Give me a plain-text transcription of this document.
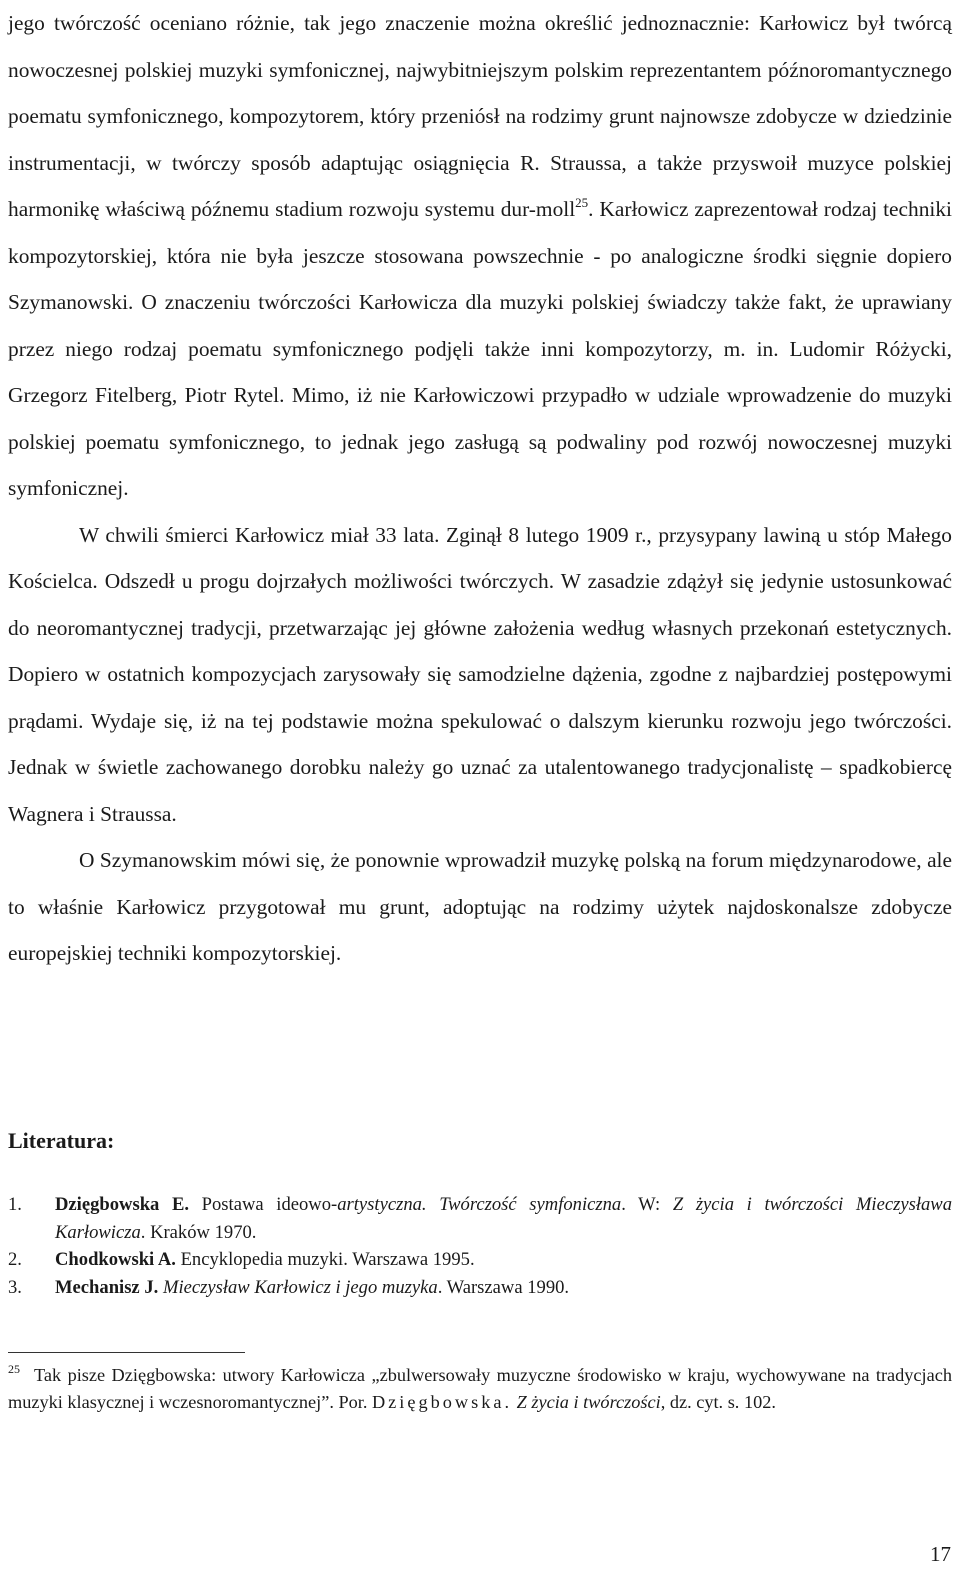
jego twórczość oceniano różnie, tak jego znaczenie można określić jednoznacznie: Karłowicz był twórcą nowoczesnej polskiej muzyki symfonicznej, najwybitniejszym polskim reprezentantem późnoromantycznego poematu symfonicznego, kompozytorem, który przeniósł na rodzimy grunt najnowsze zdobycze w dziedzinie instrumentacji, w twórczy sposób adaptując osiągnięcia R. Straussa, a także przyswoił muzyce polskiej harmonikę właściwą późnemu stadium rozwoju systemu dur-moll$^{25}$. Karłowicz zaprezentował rodzaj techniki kompozytorskiej, która nie była jeszcze stosowana powszechnie - po analogiczne środki sięgnie dopiero Szymanowski. O znaczeniu twórczości Karłowicza dla muzyki polskiej świadczy także fakt, że uprawiany przez niego rodzaj poematu symfonicznego podjęli także inni kompozytorzy, m. in. Ludomir Różycki, Grzegorz Fitelberg, Piotr Rytel. Mimo, iż nie Karłowiczowi przypadło w udziale wprowadzenie do muzyki polskiej poematu symfonicznego, to jednak jego zasługą są podwaliny pod rozwój nowoczesnej muzyki symfonicznej.

W chwili śmierci Karłowicz miał 33 lata. Zginął 8 lutego 1909 r., przysypany lawiną u stóp Małego Kościelca. Odszedł u progu dojrzałych możliwości twórczych. W zasadzie zdążył się jedynie ustosunkować do neoromantycznej tradycji, przetwarzając jej główne założenia według własnych przekonań estetycznych. Dopiero w ostatnich kompozycjach zarysowały się samodzielne dążenia, zgodne z najbardziej postępowymi prądami. Wydaje się, iż na tej podstawie można spekulować o dalszym kierunku rozwoju jego twórczości. Jednak w świetle zachowanego dorobku należy go uznać za utalentowanego tradycjonalistę – spadkobiercę Wagnera i Straussa.

O Szymanowskim mówi się, że ponownie wprowadził muzykę polską na forum międzynarodowe, ale to właśnie Karłowicz przygotował mu grunt, adoptując na rodzimy użytek najdoskonalsze zdobycze europejskiej techniki kompozytorskiej.

Literatura:
1. Dzięgbowska E. Postawa ideowo-artystyczna. Twórczość symfoniczna. W: Z życia i twórczości Mieczysława Karłowicza. Kraków 1970.
2. Chodkowski A. Encyklopedia muzyki. Warszawa 1995.
3. Mechanisz J. Mieczysław Karłowicz i jego muzyka. Warszawa 1990.

$^{25}$ Tak pisze Dzięgbowska: utwory Karłowicza „zbulwersowały muzyczne środowisko w kraju, wychowywane na tradycjach muzyki klasycznej i wczesnoromantycznej”. Por. Dzięgbowska. Z życia i twórczości, dz. cyt. s. 102.

17
